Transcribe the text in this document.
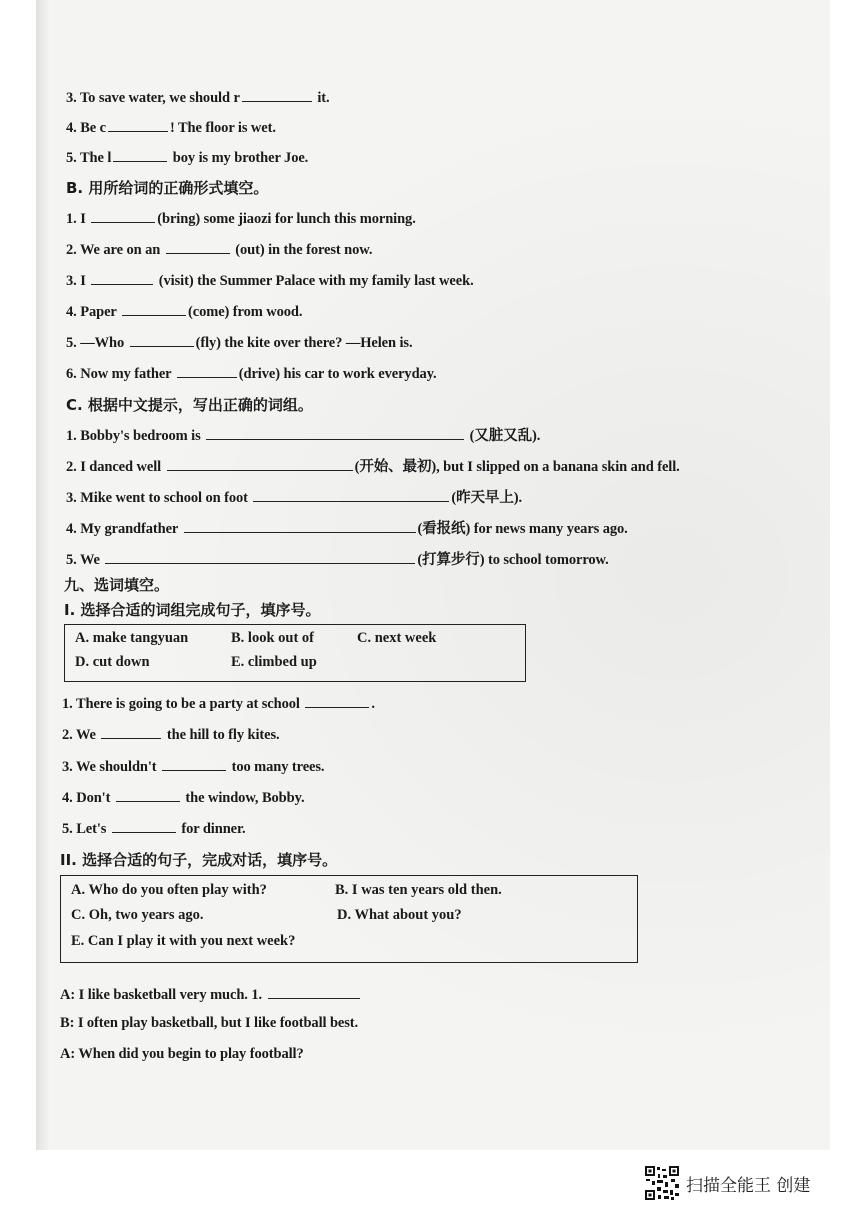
3. To save water, we should r	it.
4. Be c	! The floor is wet.
5. The l	boy is my brother Joe.
B. 用所给词的正确形式填空。
1. I	(bring) some jiaozi for lunch this morning.
2. We are on an	(out) in the forest now.
3. I	(visit) the Summer Palace with my family last week.
4. Paper	(come) from wood.
5. —Who	(fly) the kite over there? —Helen is.
6. Now my father	(drive) his car to work everyday.
C. 根据中文提示，写出正确的词组。
1. Bobby's bedroom is	(又脏又乱).
2. I danced well	(开始、最初), but I slipped on a banana skin and fell.
3. Mike went to school on foot	(昨天早上).
4. My grandfather	(看报纸) for news many years ago.
5. We	(打算步行) to school tomorrow.
九、选词填空。
I. 选择合适的词组完成句子，填序号。
A. make tangyuan	B. look out of	C. next week
D. cut down	E. climbed up
1. There is going to be a party at school	.
2. We	the hill to fly kites.
3. We shouldn't	too many trees.
4. Don't	the window, Bobby.
5. Let's	for dinner.
II. 选择合适的句子，完成对话，填序号。
A. Who do you often play with?	B. I was ten years old then.
C. Oh, two years ago.	D. What about you?
E. Can I play it with you next week?
A: I like basketball very much. 1.
B: I often play basketball, but I like football best.
A: When did you begin to play football?
扫描全能王 创建
